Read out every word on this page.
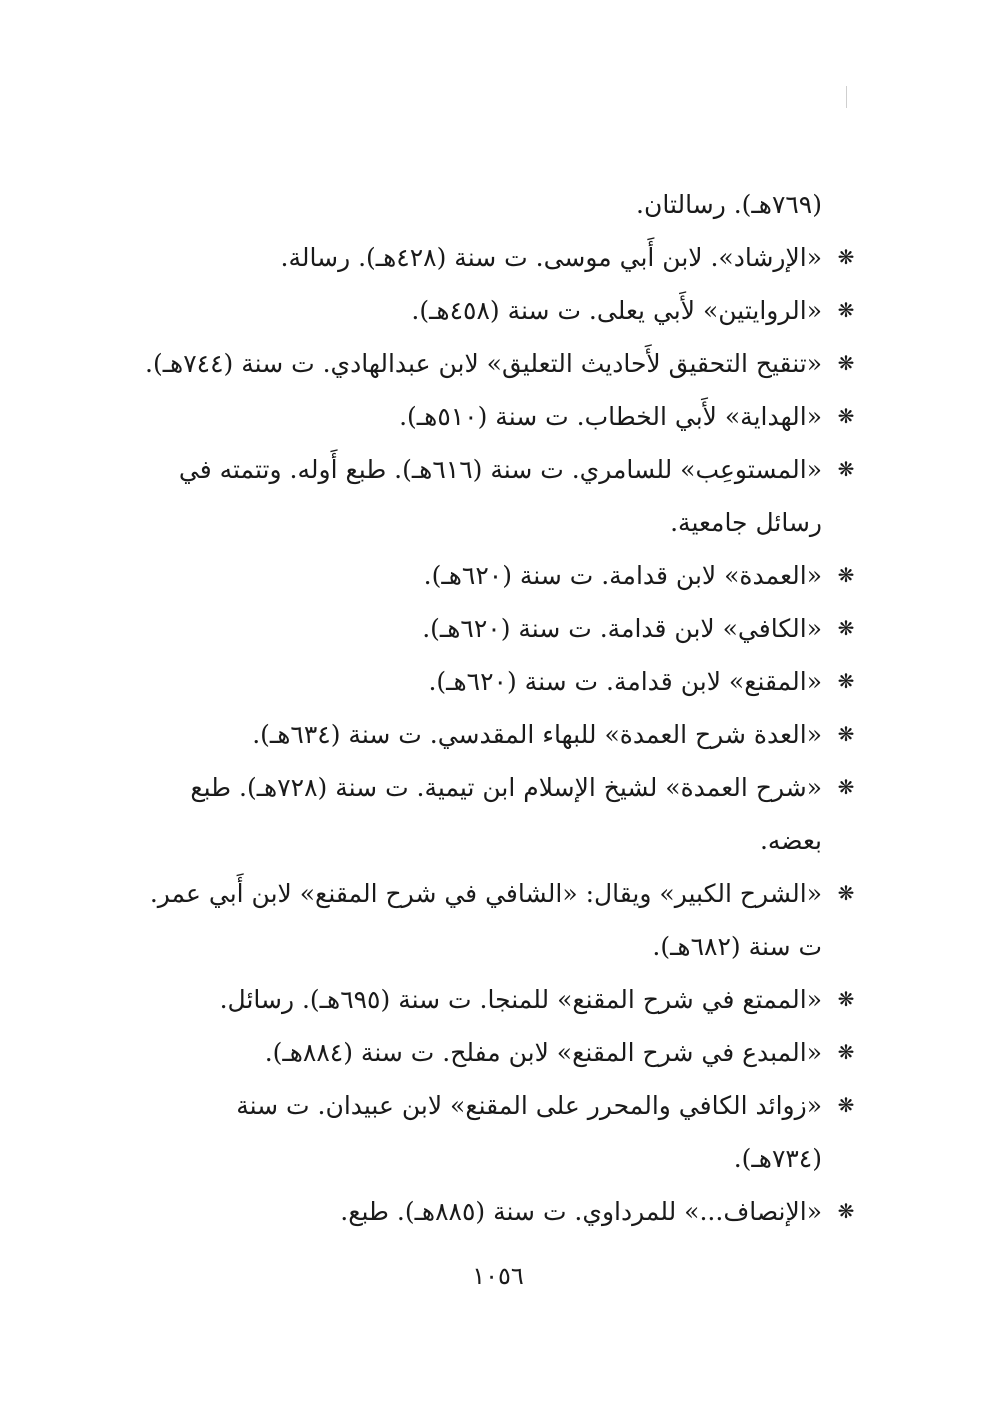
(٧٦٩هـ). رسالتان.
❋
«الإرشاد». لابن أَبي موسى. ت سنة (٤٢٨هـ). رسالة.
❋
«الروايتين» لأَبي يعلى. ت سنة (٤٥٨هـ).
❋
«تنقيح التحقيق لأَحاديث التعليق» لابن عبدالهادي. ت سنة (٧٤٤هـ).
❋
«الهداية» لأَبي الخطاب. ت سنة (٥١٠هـ).
❋
«المستوعِب» للسامري. ت سنة (٦١٦هـ). طبع أَوله. وتتمته في
رسائل جامعية.
❋
«العمدة» لابن قدامة. ت سنة (٦٢٠هـ).
❋
«الكافي» لابن قدامة. ت سنة (٦٢٠هـ).
❋
«المقنع» لابن قدامة. ت سنة (٦٢٠هـ).
❋
«العدة شرح العمدة» للبهاء المقدسي. ت سنة (٦٣٤هـ).
❋
«شرح العمدة» لشيخ الإسلام ابن تيمية. ت سنة (٧٢٨هـ). طبع
بعضه.
❋
«الشرح الكبير» ويقال: «الشافي في شرح المقنع» لابن أَبي عمر.
ت سنة (٦٨٢هـ).
❋
«الممتع في شرح المقنع» للمنجا. ت سنة (٦٩٥هـ). رسائل.
❋
«المبدع في شرح المقنع» لابن مفلح. ت سنة (٨٨٤هـ).
❋
«زوائد الكافي والمحرر على المقنع» لابن عبيدان. ت سنة
(٧٣٤هـ).
❋
«الإنصاف...» للمرداوي. ت سنة (٨٨٥هـ). طبع.
١٠٥٦
